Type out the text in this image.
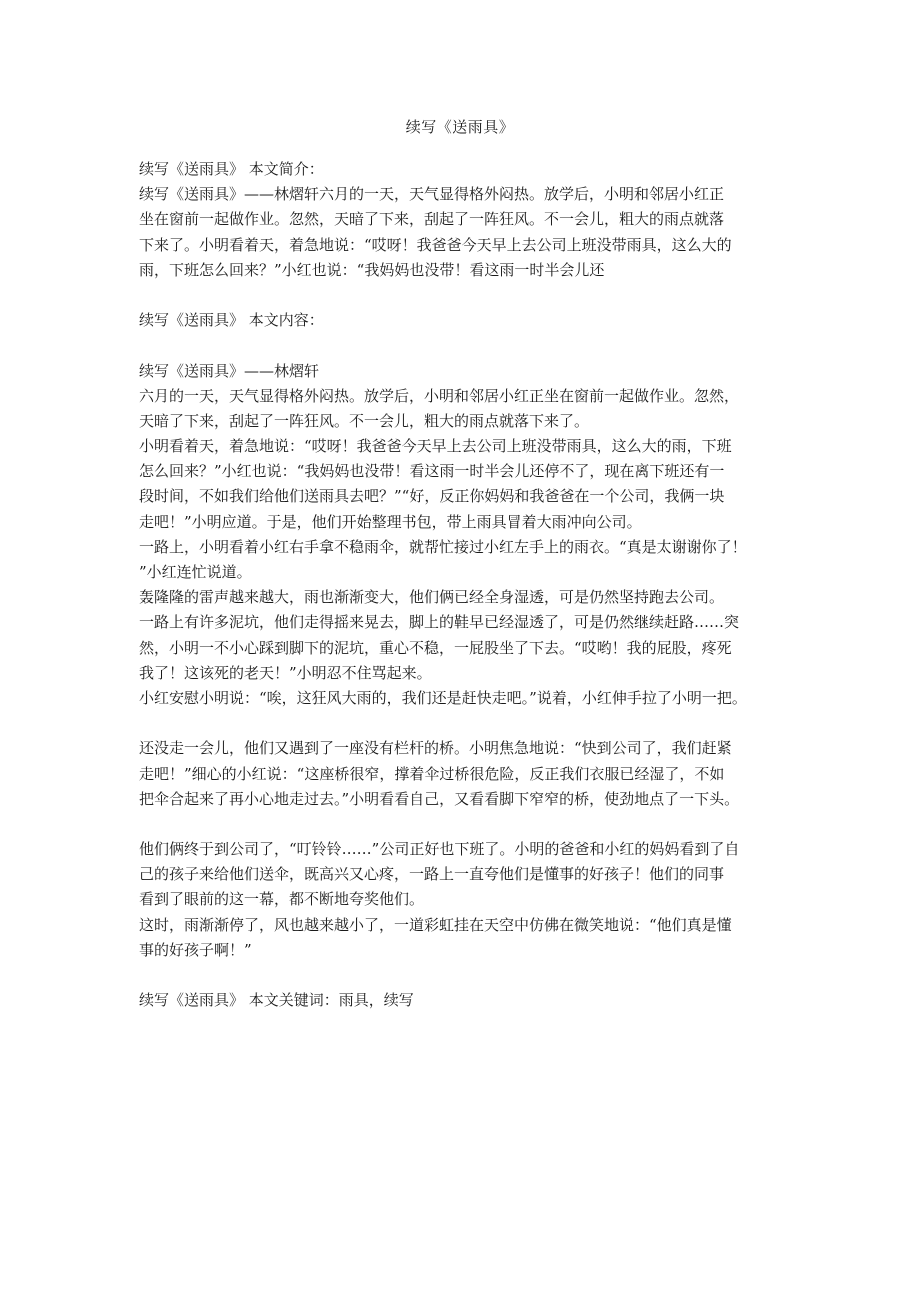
续写《送雨具》
续写《送雨具》 本文简介：
续写《送雨具》——林熠轩六月的一天，天气显得格外闷热。放学后，小明和邻居小红正
坐在窗前一起做作业。忽然，天暗了下来，刮起了一阵狂风。不一会儿，粗大的雨点就落
下来了。小明看着天，着急地说：“哎呀！我爸爸今天早上去公司上班没带雨具，这么大的
雨，下班怎么回来？”小红也说：“我妈妈也没带！看这雨一时半会儿还
续写《送雨具》 本文内容：
续写《送雨具》——林熠轩
六月的一天，天气显得格外闷热。放学后，小明和邻居小红正坐在窗前一起做作业。忽然，
天暗了下来，刮起了一阵狂风。不一会儿，粗大的雨点就落下来了。
小明看着天，着急地说：“哎呀！我爸爸今天早上去公司上班没带雨具，这么大的雨，下班
怎么回来？”小红也说：“我妈妈也没带！看这雨一时半会儿还停不了，现在离下班还有一
段时间，不如我们给他们送雨具去吧？”“好，反正你妈妈和我爸爸在一个公司，我俩一块
走吧！”小明应道。于是，他们开始整理书包，带上雨具冒着大雨冲向公司。
一路上，小明看着小红右手拿不稳雨伞，就帮忙接过小红左手上的雨衣。“真是太谢谢你了！
”小红连忙说道。
轰隆隆的雷声越来越大，雨也渐渐变大，他们俩已经全身湿透，可是仍然坚持跑去公司。
一路上有许多泥坑，他们走得摇来晃去，脚上的鞋早已经湿透了，可是仍然继续赶路……突
然，小明一不小心踩到脚下的泥坑，重心不稳，一屁股坐了下去。“哎哟！我的屁股，疼死
我了！这该死的老天！”小明忍不住骂起来。
小红安慰小明说：“唉，这狂风大雨的，我们还是赶快走吧。”说着，小红伸手拉了小明一把。
还没走一会儿，他们又遇到了一座没有栏杆的桥。小明焦急地说：“快到公司了，我们赶紧
走吧！”细心的小红说：“这座桥很窄，撑着伞过桥很危险，反正我们衣服已经湿了，不如
把伞合起来了再小心地走过去。”小明看看自己，又看看脚下窄窄的桥，使劲地点了一下头。
他们俩终于到公司了，“叮铃铃……”公司正好也下班了。小明的爸爸和小红的妈妈看到了自
己的孩子来给他们送伞，既高兴又心疼，一路上一直夸他们是懂事的好孩子！他们的同事
看到了眼前的这一幕，都不断地夸奖他们。
这时，雨渐渐停了，风也越来越小了，一道彩虹挂在天空中仿佛在微笑地说：“他们真是懂
事的好孩子啊！”
续写《送雨具》 本文关键词：雨具，续写
